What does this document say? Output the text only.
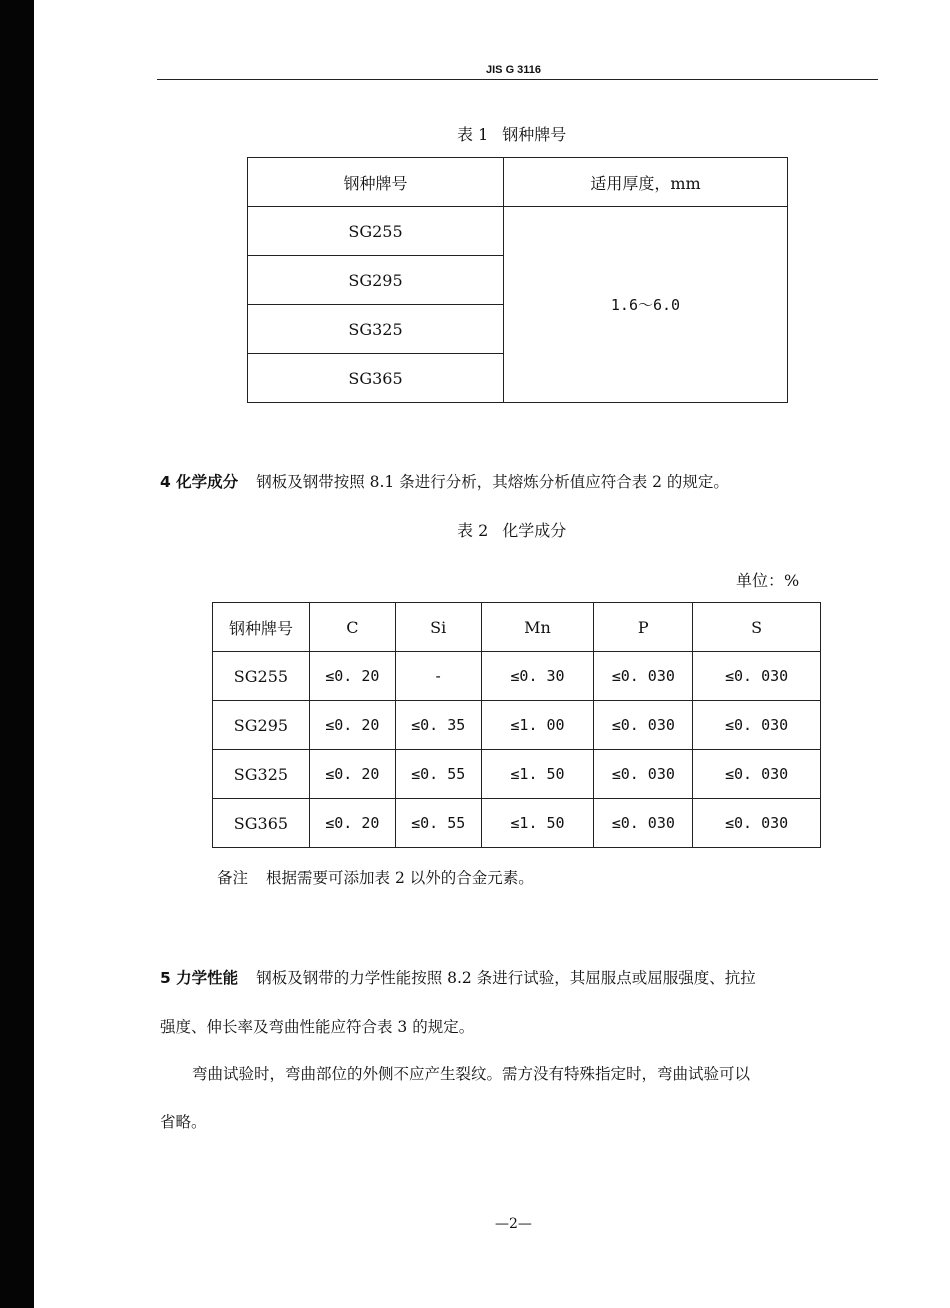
JIS G 3116
表 1 钢种牌号
钢种牌号	适用厚度，mm
SG255	1.6～6.0
SG295	
SG325	
SG365	
4 化学成分 钢板及钢带按照 8.1 条进行分析，其熔炼分析值应符合表 2 的规定。
表 2 化学成分
单位：%
钢种牌号	C	Si	Mn	P	S
SG255	≤0. 20	-	≤0. 30	≤0. 030	≤0. 030
SG295	≤0. 20	≤0. 35	≤1. 00	≤0. 030	≤0. 030
SG325	≤0. 20	≤0. 55	≤1. 50	≤0. 030	≤0. 030
SG365	≤0. 20	≤0. 55	≤1. 50	≤0. 030	≤0. 030
备注 根据需要可添加表 2 以外的合金元素。
5 力学性能 钢板及钢带的力学性能按照 8.2 条进行试验，其屈服点或屈服强度、抗拉
强度、伸长率及弯曲性能应符合表 3 的规定。
弯曲试验时，弯曲部位的外侧不应产生裂纹。需方没有特殊指定时，弯曲试验可以
省略。
—2—
